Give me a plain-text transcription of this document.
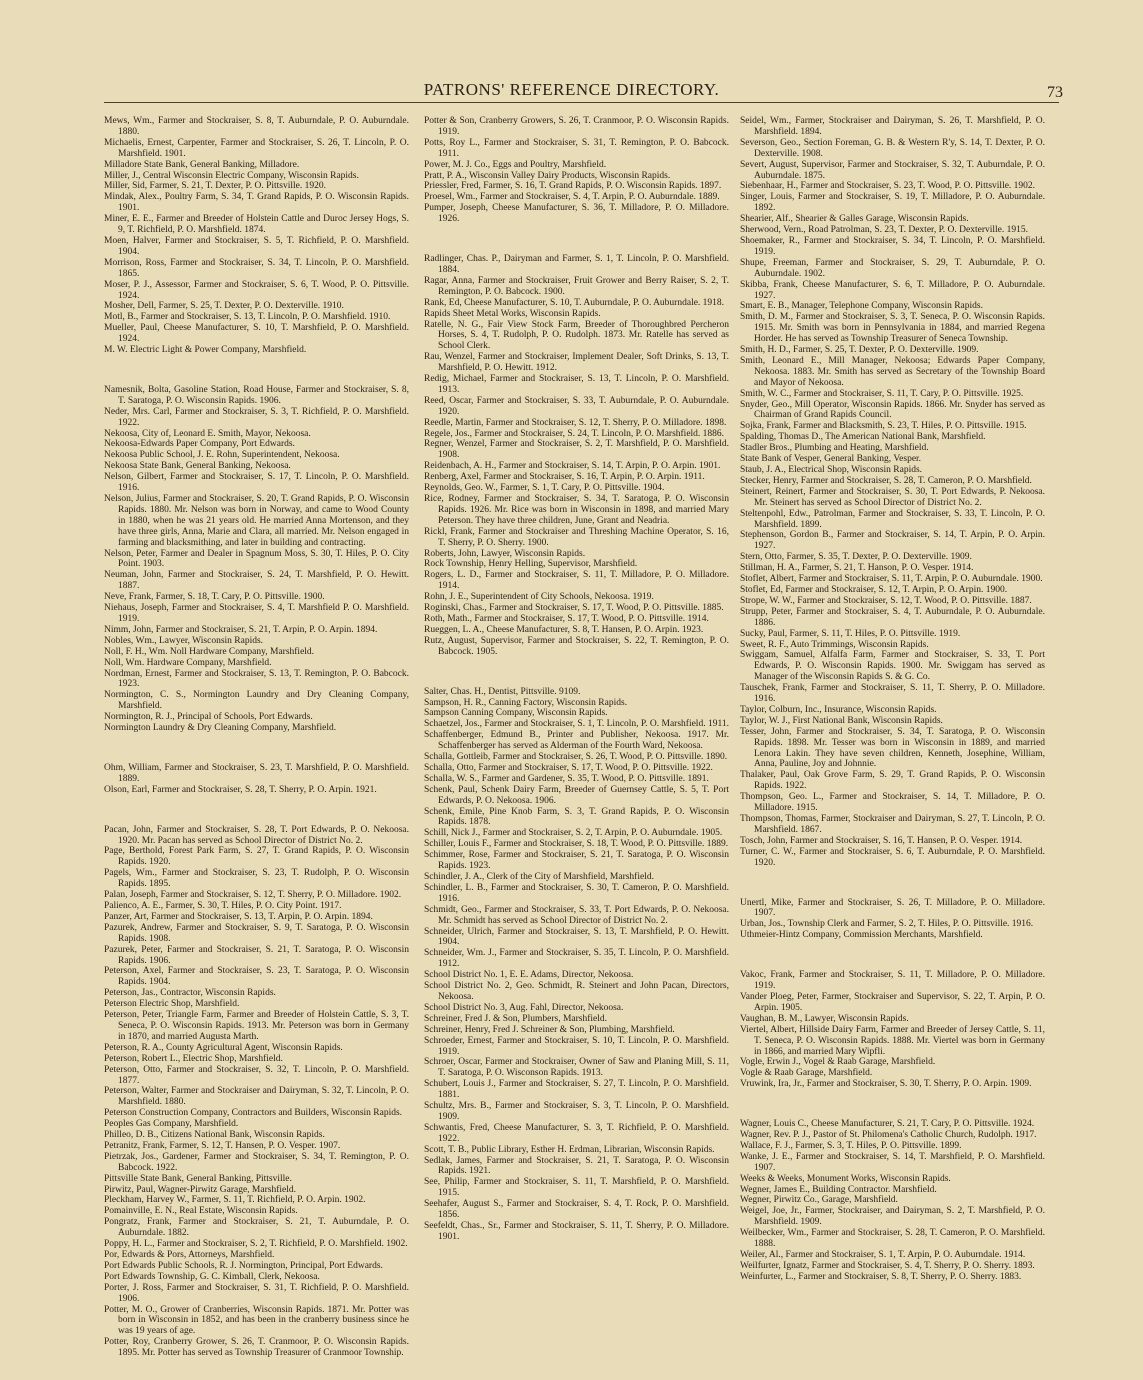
PATRONS' REFERENCE DIRECTORY.	73

Mews, Wm., Farmer and Stockraiser, S. 8, T. Auburndale, P. O. Auburndale. 1880.

Michaelis, Ernest, Carpenter, Farmer and Stockraiser, S. 26, T. Lincoln, P. O. Marshfield. 1901.

Milladore State Bank, General Banking, Milladore.

Miller, J., Central Wisconsin Electric Company, Wisconsin Rapids.

Miller, Sid, Farmer, S. 21, T. Dexter, P. O. Pittsville. 1920.

Mindak, Alex., Poultry Farm, S. 34, T. Grand Rapids, P. O. Wisconsin Rapids. 1901.

Miner, E. E., Farmer and Breeder of Holstein Cattle and Duroc Jersey Hogs, S. 9, T. Richfield, P. O. Marshfield. 1874.

Moen, Halver, Farmer and Stockraiser, S. 5, T. Richfield, P. O. Marshfield. 1904.

Morrison, Ross, Farmer and Stockraiser, S. 34, T. Lincoln, P. O. Marshfield. 1865.

Moser, P. J., Assessor, Farmer and Stockraiser, S. 6, T. Wood, P. O. Pittsville. 1924.

Mosher, Dell, Farmer, S. 25, T. Dexter, P. O. Dexterville. 1910.

Motl, B., Farmer and Stockraiser, S. 13, T. Lincoln, P. O. Marshfield. 1910.

Mueller, Paul, Cheese Manufacturer, S. 10, T. Marshfield, P. O. Marshfield. 1924.

M. W. Electric Light & Power Company, Marshfield.

Namesnik, Bolta, Gasoline Station, Road House, Farmer and Stockraiser, S. 8, T. Saratoga, P. O. Wisconsin Rapids. 1906.

Neder, Mrs. Carl, Farmer and Stockraiser, S. 3, T. Richfield, P. O. Marshfield. 1922.

Nekoosa, City of, Leonard E. Smith, Mayor, Nekoosa.

Nekoosa-Edwards Paper Company, Port Edwards.

Nekoosa Public School, J. E. Rohn, Superintendent, Nekoosa.

Nekoosa State Bank, General Banking, Nekoosa.

Nelson, Gilbert, Farmer and Stockraiser, S. 17, T. Lincoln, P. O. Marshfield. 1916.

Nelson, Julius, Farmer and Stockraiser, S. 20, T. Grand Rapids, P. O. Wisconsin Rapids. 1880. Mr. Nelson was born in Norway, and came to Wood County in 1880, when he was 21 years old. He married Anna Mortenson, and they have three girls, Anna, Marie and Clara, all married. Mr. Nelson engaged in farming and blacksmithing, and later in building and contracting.

Nelson, Peter, Farmer and Dealer in Spagnum Moss, S. 30, T. Hiles, P. O. City Point. 1903.

Neuman, John, Farmer and Stockraiser, S. 24, T. Marshfield, P. O. Hewitt. 1887.

Neve, Frank, Farmer, S. 18, T. Cary, P. O. Pittsville. 1900.

Niehaus, Joseph, Farmer and Stockraiser, S. 4, T. Marshfield P. O. Marshfield. 1919.

Nimm, John, Farmer and Stockraiser, S. 21, T. Arpin, P. O. Arpin. 1894.

Nobles, Wm., Lawyer, Wisconsin Rapids.

Noll, F. H., Wm. Noll Hardware Company, Marshfield.

Noll, Wm. Hardware Company, Marshfield.

Nordman, Ernest, Farmer and Stockraiser, S. 13, T. Remington, P. O. Babcock. 1923.

Normington, C. S., Normington Laundry and Dry Cleaning Company, Marshfield.

Normington, R. J., Principal of Schools, Port Edwards.

Normington Laundry & Dry Cleaning Company, Marshfield.

Ohm, William, Farmer and Stockraiser, S. 23, T. Marshfield, P. O. Marshfield. 1889.

Olson, Earl, Farmer and Stockraiser, S. 28, T. Sherry, P. O. Arpin. 1921.

Pacan, John, Farmer and Stockraiser, S. 28, T. Port Edwards, P. O. Nekoosa. 1920. Mr. Pacan has served as School Director of District No. 2.

Page, Berthold, Forest Park Farm, S. 27, T. Grand Rapids, P. O. Wisconsin Rapids. 1920.

Pagels, Wm., Farmer and Stockraiser, S. 23, T. Rudolph, P. O. Wisconsin Rapids. 1895.

Palan, Joseph, Farmer and Stockraiser, S. 12, T. Sherry, P. O. Milladore. 1902.

Palienco, A. E., Farmer, S. 30, T. Hiles, P. O. City Point. 1917.

Panzer, Art, Farmer and Stockraiser, S. 13, T. Arpin, P. O. Arpin. 1894.

Pazurek, Andrew, Farmer and Stockraiser, S. 9, T. Saratoga, P. O. Wisconsin Rapids. 1908.

Pazurek, Peter, Farmer and Stockraiser, S. 21, T. Saratoga, P. O. Wisconsin Rapids. 1906.

Peterson, Axel, Farmer and Stockraiser, S. 23, T. Saratoga, P. O. Wisconsin Rapids. 1904.

Peterson, Jas., Contractor, Wisconsin Rapids.

Peterson Electric Shop, Marshfield.

Peterson, Peter, Triangle Farm, Farmer and Breeder of Holstein Cattle, S. 3, T. Seneca, P. O. Wisconsin Rapids. 1913. Mr. Peterson was born in Germany in 1870, and married Augusta Marth.

Peterson, R. A., County Agricultural Agent, Wisconsin Rapids.

Peterson, Robert L., Electric Shop, Marshfield.

Peterson, Otto, Farmer and Stockraiser, S. 32, T. Lincoln, P. O. Marshfield. 1877.

Peterson, Walter, Farmer and Stockraiser and Dairyman, S. 32, T. Lincoln, P. O. Marshfield. 1880.

Peterson Construction Company, Contractors and Builders, Wisconsin Rapids.

Peoples Gas Company, Marshfield.

Philleo, D. B., Citizens National Bank, Wisconsin Rapids.

Petranitz, Frank, Farmer, S. 12, T. Hansen, P. O. Vesper. 1907.

Pietrzak, Jos., Gardener, Farmer and Stockraiser, S. 34, T. Remington, P. O. Babcock. 1922.

Pittsville State Bank, General Banking, Pittsville.

Pirwitz, Paul, Wagner-Pirwitz Garage, Marshfield.

Pleckham, Harvey W., Farmer, S. 11, T. Richfield, P. O. Arpin. 1902.

Pomainville, E. N., Real Estate, Wisconsin Rapids.

Pongratz, Frank, Farmer and Stockraiser, S. 21, T. Auburndale, P. O. Auburndale. 1882.

Poppy, H. L., Farmer and Stockraiser, S. 2, T. Richfield, P. O. Marshfield. 1902.

Por, Edwards & Pors, Attorneys, Marshfield.

Port Edwards Public Schools, R. J. Normington, Principal, Port Edwards.

Port Edwards Township, G. C. Kimball, Clerk, Nekoosa.

Porter, J. Ross, Farmer and Stockraiser, S. 31, T. Richfield, P. O. Marshfield. 1906.

Potter, M. O., Grower of Cranberries, Wisconsin Rapids. 1871. Mr. Potter was born in Wisconsin in 1852, and has been in the cranberry business since he was 19 years of age.

Potter, Roy, Cranberry Grower, S. 26, T. Cranmoor, P. O. Wisconsin Rapids. 1895. Mr. Potter has served as Township Treasurer of Cranmoor Township.

Potter & Son, Cranberry Growers, S. 26, T. Cranmoor, P. O. Wisconsin Rapids. 1919.

Potts, Roy L., Farmer and Stockraiser, S. 31, T. Remington, P. O. Babcock. 1911.

Power, M. J. Co., Eggs and Poultry, Marshfield.

Pratt, P. A., Wisconsin Valley Dairy Products, Wisconsin Rapids.

Priessler, Fred, Farmer, S. 16, T. Grand Rapids, P. O. Wisconsin Rapids. 1897.

Proesel, Wm., Farmer and Stockraiser, S. 4, T. Arpin, P. O. Auburndale. 1889.

Pumper, Joseph, Cheese Manufacturer, S. 36, T. Milladore, P. O. Milladore. 1926.

Radlinger, Chas. P., Dairyman and Farmer, S. 1, T. Lincoln, P. O. Marshfield. 1884.

Ragar, Anna, Farmer and Stockraiser, Fruit Grower and Berry Raiser, S. 2, T. Remington, P. O. Babcock. 1900.

Rank, Ed, Cheese Manufacturer, S. 10, T. Auburndale, P. O. Auburndale. 1918.

Rapids Sheet Metal Works, Wisconsin Rapids.

Ratelle, N. G., Fair View Stock Farm, Breeder of Thoroughbred Percheron Horses, S. 4, T. Rudolph, P. O. Rudolph. 1873. Mr. Ratelle has served as School Clerk.

Rau, Wenzel, Farmer and Stockraiser, Implement Dealer, Soft Drinks, S. 13, T. Marshfield, P. O. Hewitt. 1912.

Redig, Michael, Farmer and Stockraiser, S. 13, T. Lincoln, P. O. Marshfield. 1913.

Reed, Oscar, Farmer and Stockraiser, S. 33, T. Auburndale, P. O. Auburndale. 1920.

Reedle, Martin, Farmer and Stockraiser, S. 12, T. Sherry, P. O. Milladore. 1898.

Regele, Jos., Farmer and Stockraiser, S. 24, T. Lincoln, P. O. Marshfield. 1886.

Regner, Wenzel, Farmer and Stockraiser, S. 2, T. Marshfield, P. O. Marshfield. 1908.

Reidenbach, A. H., Farmer and Stockraiser, S. 14, T. Arpin, P. O. Arpin. 1901.

Renberg, Axel, Farmer and Stockraiser, S. 16, T. Arpin, P. O. Arpin. 1911.

Reynolds, Geo. W., Farmer, S. 1, T. Cary, P. O. Pittsville. 1904.

Rice, Rodney, Farmer and Stockraiser, S. 34, T. Saratoga, P. O. Wisconsin Rapids. 1926. Mr. Rice was born in Wisconsin in 1898, and married Mary Peterson. They have three children, June, Grant and Neadria.

Rickl, Frank, Farmer and Stockraiser and Threshing Machine Operator, S. 16, T. Sherry, P. O. Sherry. 1900.

Roberts, John, Lawyer, Wisconsin Rapids.

Rock Township, Henry Helling, Supervisor, Marshfield.

Rogers, L. D., Farmer and Stockraiser, S. 11, T. Milladore, P. O. Milladore. 1914.

Rohn, J. E., Superintendent of City Schools, Nekoosa. 1919.

Roginski, Chas., Farmer and Stockraiser, S. 17, T. Wood, P. O. Pittsville. 1885.

Roth, Math., Farmer and Stockraiser, S. 17, T. Wood, P. O. Pittsville. 1914.

Rueggen, L. A., Cheese Manufacturer, S. 8, T. Hansen, P. O. Arpin. 1923.

Rutz, August, Supervisor, Farmer and Stockraiser, S. 22, T. Remington, P. O. Babcock. 1905.

Salter, Chas. H., Dentist, Pittsville. 9109.

Sampson, H. R., Canning Factory, Wisconsin Rapids.

Sampson Canning Company, Wisconsin Rapids.

Schaetzel, Jos., Farmer and Stockraiser, S. 1, T. Lincoln, P. O. Marshfield. 1911.

Schaffenberger, Edmund B., Printer and Publisher, Nekoosa. 1917. Mr. Schaffenberger has served as Alderman of the Fourth Ward, Nekoosa.

Schalla, Gottleib, Farmer and Stockraiser, S. 26, T. Wood, P. O. Pittsville. 1890.

Schalla, Otto, Farmer and Stockraiser, S. 17, T. Wood, P. O. Pittsville. 1922.

Schalla, W. S., Farmer and Gardener, S. 35, T. Wood, P. O. Pittsville. 1891.

Schenk, Paul, Schenk Dairy Farm, Breeder of Guernsey Cattle, S. 5, T. Port Edwards, P. O. Nekoosa. 1906.

Schenk, Emile, Pine Knob Farm, S. 3, T. Grand Rapids, P. O. Wisconsin Rapids. 1878.

Schill, Nick J., Farmer and Stockraiser, S. 2, T. Arpin, P. O. Auburndale. 1905.

Schiller, Louis F., Farmer and Stockraiser, S. 18, T. Wood, P. O. Pittsville. 1889.

Schimmer, Rose, Farmer and Stockraiser, S. 21, T. Saratoga, P. O. Wisconsin Rapids. 1923.

Schindler, J. A., Clerk of the City of Marshfield, Marshfield.

Schindler, L. B., Farmer and Stockraiser, S. 30, T. Cameron, P. O. Marshfield. 1916.

Schmidt, Geo., Farmer and Stockraiser, S. 33, T. Port Edwards, P. O. Nekoosa. Mr. Schmidt has served as School Director of District No. 2.

Schneider, Ulrich, Farmer and Stockraiser, S. 13, T. Marshfield, P. O. Hewitt. 1904.

Schneider, Wm. J., Farmer and Stockraiser, S. 35, T. Lincoln, P. O. Marshfield. 1912.

School District No. 1, E. E. Adams, Director, Nekoosa.

School District No. 2, Geo. Schmidt, R. Steinert and John Pacan, Directors, Nekoosa.

School District No. 3, Aug. Fahl, Director, Nekoosa.

Schreiner, Fred J. & Son, Plumbers, Marshfield.

Schreiner, Henry, Fred J. Schreiner & Son, Plumbing, Marshfield.

Schroeder, Ernest, Farmer and Stockraiser, S. 10, T. Lincoln, P. O. Marshfield. 1919.

Schroer, Oscar, Farmer and Stockraiser, Owner of Saw and Planing Mill, S. 11, T. Saratoga, P. O. Wisconson Rapids. 1913.

Schubert, Louis J., Farmer and Stockraiser, S. 27, T. Lincoln, P. O. Marshfield. 1881.

Schultz, Mrs. B., Farmer and Stockraiser, S. 3, T. Lincoln, P. O. Marshfield. 1909.

Schwantis, Fred, Cheese Manufacturer, S. 3, T. Richfield, P. O. Marshfield. 1922.

Scott, T. B., Public Library, Esther H. Erdman, Librarian, Wisconsin Rapids.

Sedlak, James, Farmer and Stockraiser, S. 21, T. Saratoga, P. O. Wisconsin Rapids. 1921.

See, Philip, Farmer and Stockraiser, S. 11, T. Marshfield, P. O. Marshfield. 1915.

Seehafer, August S., Farmer and Stockraiser, S. 4, T. Rock, P. O. Marshfield. 1856.

Seefeldt, Chas., Sr., Farmer and Stockraiser, S. 11, T. Sherry, P. O. Milladore. 1901.

Seidel, Wm., Farmer, Stockraiser and Dairyman, S. 26, T. Marshfield, P. O. Marshfield. 1894.

Severson, Geo., Section Foreman, G. B. & Western R'y, S. 14, T. Dexter, P. O. Dexterville. 1908.

Severt, August, Supervisor, Farmer and Stockraiser, S. 32, T. Auburndale, P. O. Auburndale. 1875.

Siebenhaar, H., Farmer and Stockraiser, S. 23, T. Wood, P. O. Pittsville. 1902.

Singer, Louis, Farmer and Stockraiser, S. 19, T. Milladore, P. O. Auburndale. 1892.

Shearier, Alf., Shearier & Galles Garage, Wisconsin Rapids.

Sherwood, Vern., Road Patrolman, S. 23, T. Dexter, P. O. Dexterville. 1915.

Shoemaker, R., Farmer and Stockraiser, S. 34, T. Lincoln, P. O. Marshfield. 1919.

Shupe, Freeman, Farmer and Stockraiser, S. 29, T. Auburndale, P. O. Auburndale. 1902.

Skibba, Frank, Cheese Manufacturer, S. 6, T. Milladore, P. O. Auburndale. 1927.

Smart, E. B., Manager, Telephone Company, Wisconsin Rapids.

Smith, D. M., Farmer and Stockraiser, S. 3, T. Seneca, P. O. Wisconsin Rapids. 1915. Mr. Smith was born in Pennsylvania in 1884, and married Regena Horder. He has served as Township Treasurer of Seneca Township.

Smith, H. D., Farmer, S. 25, T. Dexter, P. O. Dexterville. 1909.

Smith, Leonard E., Mill Manager, Nekoosa; Edwards Paper Company, Nekoosa. 1883. Mr. Smith has served as Secretary of the Township Board and Mayor of Nekoosa.

Smith, W. C., Farmer and Stockraiser, S. 11, T. Cary, P. O. Pittsville. 1925.

Snyder, Geo., Mill Operator, Wisconsin Rapids. 1866. Mr. Snyder has served as Chairman of Grand Rapids Council.

Sojka, Frank, Farmer and Blacksmith, S. 23, T. Hiles, P. O. Pittsville. 1915.

Spalding, Thomas D., The American National Bank, Marshfield.

Stadler Bros., Plumbing and Heating, Marshfield.

State Bank of Vesper, General Banking, Vesper.

Staub, J. A., Electrical Shop, Wisconsin Rapids.

Stecker, Henry, Farmer and Stockraiser, S. 28, T. Cameron, P. O. Marshfield.

Steinert, Reinert, Farmer and Stockraiser, S. 30, T. Port Edwards, P. Nekoosa. Mr. Steinert has served as School Director of District No. 2.

Steltenpohl, Edw., Patrolman, Farmer and Stockraiser, S. 33, T. Lincoln, P. O. Marshfield. 1899.

Stephenson, Gordon B., Farmer and Stockraiser, S. 14, T. Arpin, P. O. Arpin. 1927.

Stern, Otto, Farmer, S. 35, T. Dexter, P. O. Dexterville. 1909.

Stillman, H. A., Farmer, S. 21, T. Hanson, P. O. Vesper. 1914.

Stoflet, Albert, Farmer and Stockraiser, S. 11, T. Arpin, P. O. Auburndale. 1900.

Stoflet, Ed, Farmer and Stockraiser, S. 12, T. Arpin, P. O. Arpin. 1900.

Strope, W. W., Farmer and Stockraiser, S. 12, T. Wood, P. O. Pittsville. 1887.

Strupp, Peter, Farmer and Stockraiser, S. 4, T. Auburndale, P. O. Auburndale. 1886.

Sucky, Paul, Farmer, S. 11, T. Hiles, P. O. Pittsville. 1919.

Sweet, R. F., Auto Trimmings, Wisconsin Rapids.

Swiggam, Samuel, Alfalfa Farm, Farmer and Stockraiser, S. 33, T. Port Edwards, P. O. Wisconsin Rapids. 1900. Mr. Swiggam has served as Manager of the Wisconsin Rapids S. & G. Co.

Tauschek, Frank, Farmer and Stockraiser, S. 11, T. Sherry, P. O. Milladore. 1916.

Taylor, Colburn, Inc., Insurance, Wisconsin Rapids.

Taylor, W. J., First National Bank, Wisconsin Rapids.

Tesser, John, Farmer and Stockraiser, S. 34, T. Saratoga, P. O. Wisconsin Rapids. 1898. Mr. Tesser was born in Wisconsin in 1889, and married Lenora Lakin. They have seven children, Kenneth, Josephine, William, Anna, Pauline, Joy and Johnnie.

Thalaker, Paul, Oak Grove Farm, S. 29, T. Grand Rapids, P. O. Wisconsin Rapids. 1922.

Thompson, Geo. L., Farmer and Stockraiser, S. 14, T. Milladore, P. O. Milladore. 1915.

Thompson, Thomas, Farmer, Stockraiser and Dairyman, S. 27, T. Lincoln, P. O. Marshfield. 1867.

Tosch, John, Farmer and Stockraiser, S. 16, T. Hansen, P. O. Vesper. 1914.

Turner, C. W., Farmer and Stockraiser, S. 6, T. Auburndale, P. O. Marshfield. 1920.

Unertl, Mike, Farmer and Stockraiser, S. 26, T. Milladore, P. O. Milladore. 1907.

Urban, Jos., Township Clerk and Farmer, S. 2, T. Hiles, P. O. Pittsville. 1916.

Uthmeier-Hintz Company, Commission Merchants, Marshfield.

Vakoc, Frank, Farmer and Stockraiser, S. 11, T. Milladore, P. O. Milladore. 1919.

Vander Ploeg, Peter, Farmer, Stockraiser and Supervisor, S. 22, T. Arpin, P. O. Arpin. 1905.

Vaughan, B. M., Lawyer, Wisconsin Rapids.

Viertel, Albert, Hillside Dairy Farm, Farmer and Breeder of Jersey Cattle, S. 11, T. Seneca, P. O. Wisconsin Rapids. 1888. Mr. Viertel was born in Germany in 1866, and married Mary Wipfli.

Vogle, Erwin J., Vogel & Raab Garage, Marshfield.

Vogle & Raab Garage, Marshfield.

Vruwink, Ira, Jr., Farmer and Stockraiser, S. 30, T. Sherry, P. O. Arpin. 1909.

Wagner, Louis C., Cheese Manufacturer, S. 21, T. Cary, P. O. Pittsville. 1924.

Wagner, Rev. P. J., Pastor of St. Philomena's Catholic Church, Rudolph. 1917.

Wallace, F. J., Farmer, S. 3, T. Hiles, P. O. Pittsville. 1899.

Wanke, J. E., Farmer and Stockraiser, S. 14, T. Marshfield, P. O. Marshfield. 1907.

Weeks & Weeks, Monument Works, Wisconsin Rapids.

Wegner, James E., Building Contractor. Marshfield.

Wegner, Pirwitz Co., Garage, Marshfield.

Weigel, Joe, Jr., Farmer, Stockraiser, and Dairyman, S. 2, T. Marshfield, P. O. Marshfield. 1909.

Weilbecker, Wm., Farmer and Stockraiser, S. 28, T. Cameron, P. O. Marshfield. 1888.

Weiler, Al., Farmer and Stockraiser, S. 1, T. Arpin, P. O. Auburndale. 1914.

Weilfurter, Ignatz, Farmer and Stockraiser, S. 4, T. Sherry, P. O. Sherry. 1893.

Weinfurter, L., Farmer and Stockraiser, S. 8, T. Sherry, P. O. Sherry. 1883.
